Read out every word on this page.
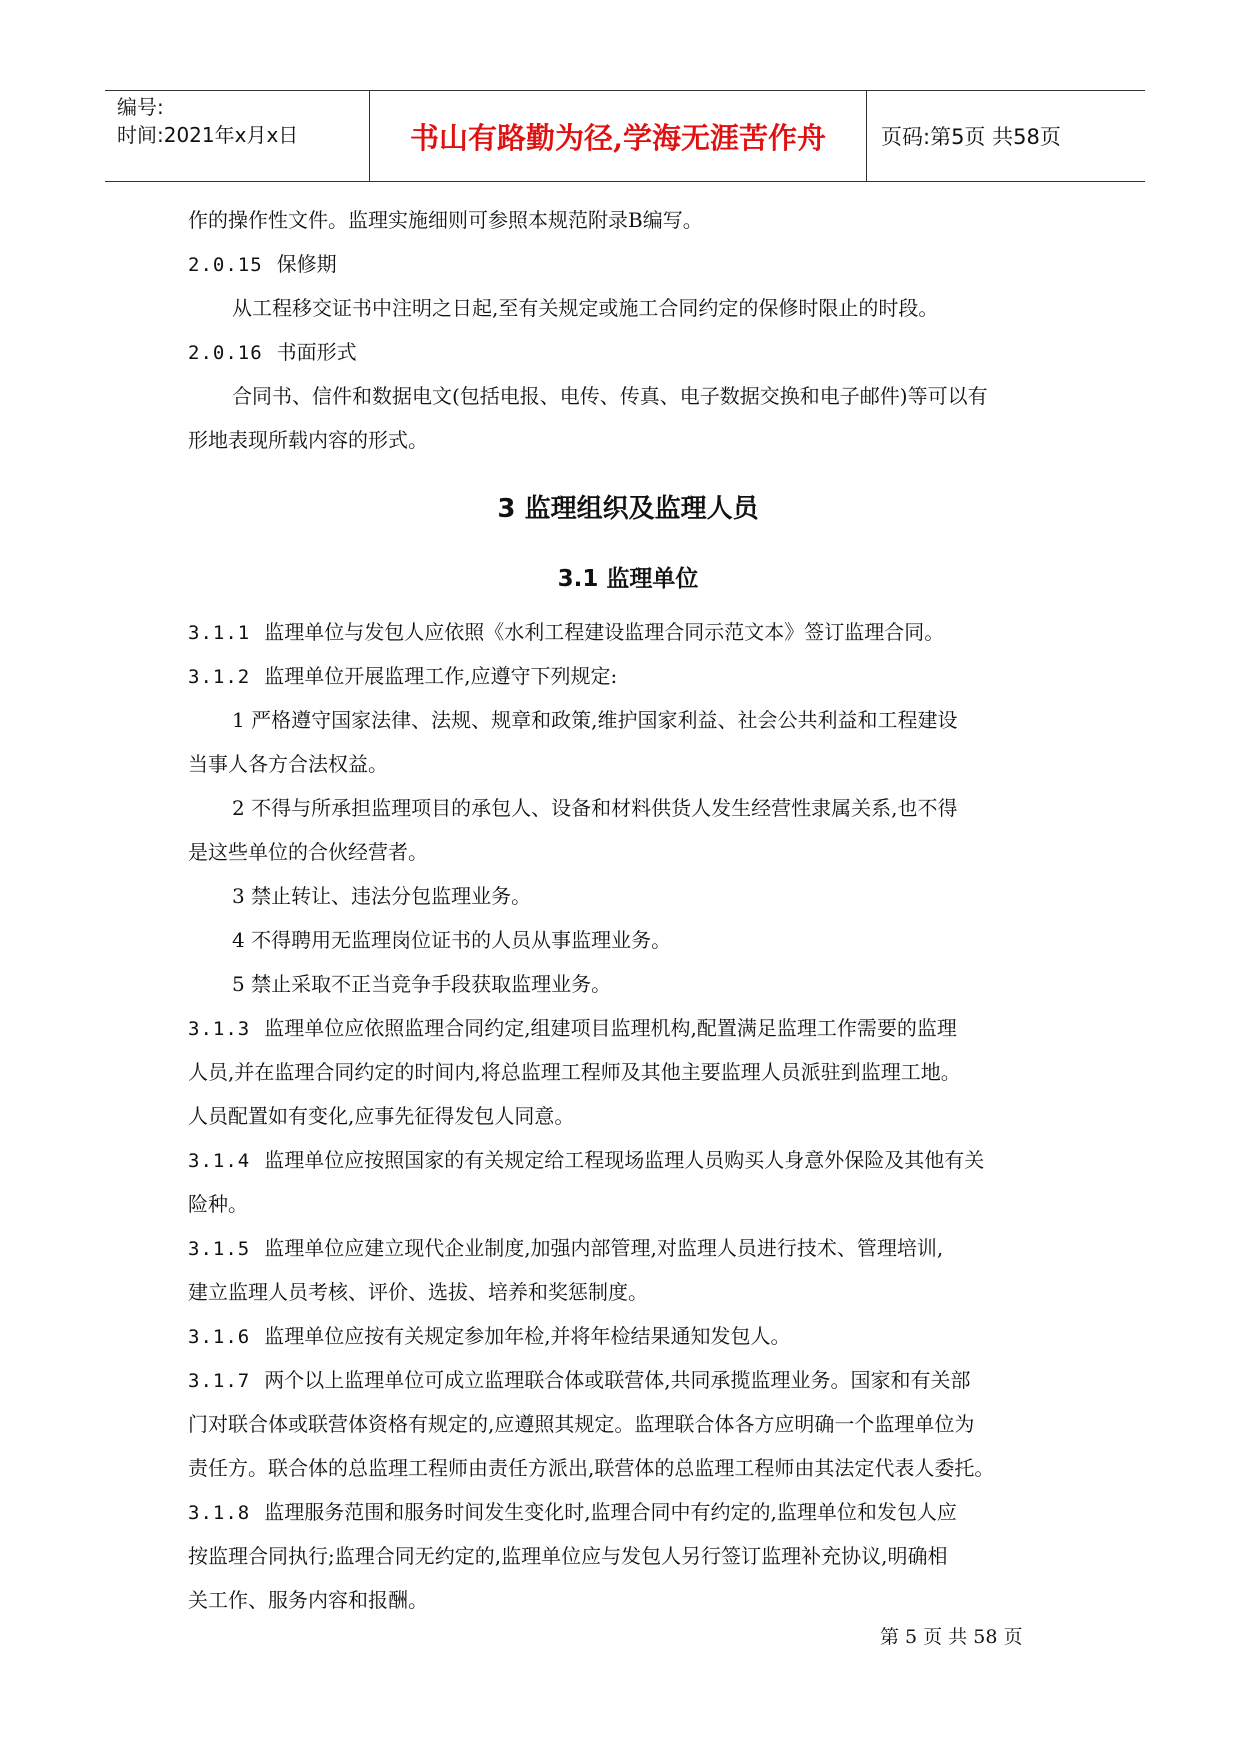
编号:
时间:2021年x月x日	书山有路勤为径,学海无涯苦作舟	页码:第5页 共58页
作的操作性文件。监理实施细则可参照本规范附录B编写。
2.0.15 保修期
从工程移交证书中注明之日起,至有关规定或施工合同约定的保修时限止的时段。
2.0.16 书面形式
合同书、信件和数据电文(包括电报、电传、传真、电子数据交换和电子邮件)等可以有
形地表现所载内容的形式。
3 监理组织及监理人员
3.1 监理单位
3.1.1 监理单位与发包人应依照《水利工程建设监理合同示范文本》签订监理合同。
3.1.2 监理单位开展监理工作,应遵守下列规定:
1 严格遵守国家法律、法规、规章和政策,维护国家利益、社会公共利益和工程建设
当事人各方合法权益。
2 不得与所承担监理项目的承包人、设备和材料供货人发生经营性隶属关系,也不得
是这些单位的合伙经营者。
3 禁止转让、违法分包监理业务。
4 不得聘用无监理岗位证书的人员从事监理业务。
5 禁止采取不正当竞争手段获取监理业务。
3.1.3 监理单位应依照监理合同约定,组建项目监理机构,配置满足监理工作需要的监理
人员,并在监理合同约定的时间内,将总监理工程师及其他主要监理人员派驻到监理工地。
人员配置如有变化,应事先征得发包人同意。
3.1.4 监理单位应按照国家的有关规定给工程现场监理人员购买人身意外保险及其他有关
险种。
3.1.5 监理单位应建立现代企业制度,加强内部管理,对监理人员进行技术、管理培训,
建立监理人员考核、评价、选拔、培养和奖惩制度。
3.1.6 监理单位应按有关规定参加年检,并将年检结果通知发包人。
3.1.7 两个以上监理单位可成立监理联合体或联营体,共同承揽监理业务。国家和有关部
门对联合体或联营体资格有规定的,应遵照其规定。监理联合体各方应明确一个监理单位为
责任方。联合体的总监理工程师由责任方派出,联营体的总监理工程师由其法定代表人委托。
3.1.8 监理服务范围和服务时间发生变化时,监理合同中有约定的,监理单位和发包人应
按监理合同执行;监理合同无约定的,监理单位应与发包人另行签订监理补充协议,明确相
关工作、服务内容和报酬。
第 5 页 共 58 页
